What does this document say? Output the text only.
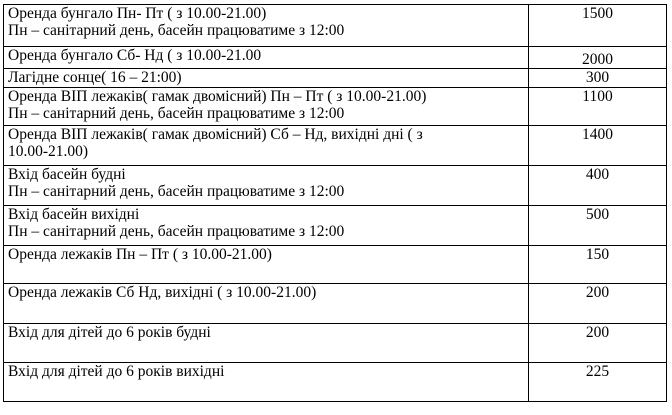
Оренда бунгало Пн- Пт ( з 10.00-21.00)
Пн – санітарний день, басейн працюватиме з 12:00	1500

Оренда бунгало Сб- Нд ( з 10.00-21.00	2000

Лагідне сонце( 16 – 21:00)	300

Оренда ВІП лежаків( гамак двомісний) Пн – Пт ( з 10.00-21.00)
Пн – санітарний день, басейн працюватиме з 12:00	1100

Оренда ВІП лежаків( гамак двомісний) Сб – Нд, вихідні дні ( з
10.00-21.00)	1400

Вхід басейн будні
Пн – санітарний день, басейн працюватиме з 12:00	400

Вхід басейн вихідні
Пн – санітарний день, басейн працюватиме з 12:00	500

Оренда лежаків Пн – Пт ( з 10.00-21.00)	150

Оренда лежаків Сб Нд, вихідні ( з 10.00-21.00)	200

Вхід для дітей до 6 років будні	200

Вхід для дітей до 6 років вихідні	225
